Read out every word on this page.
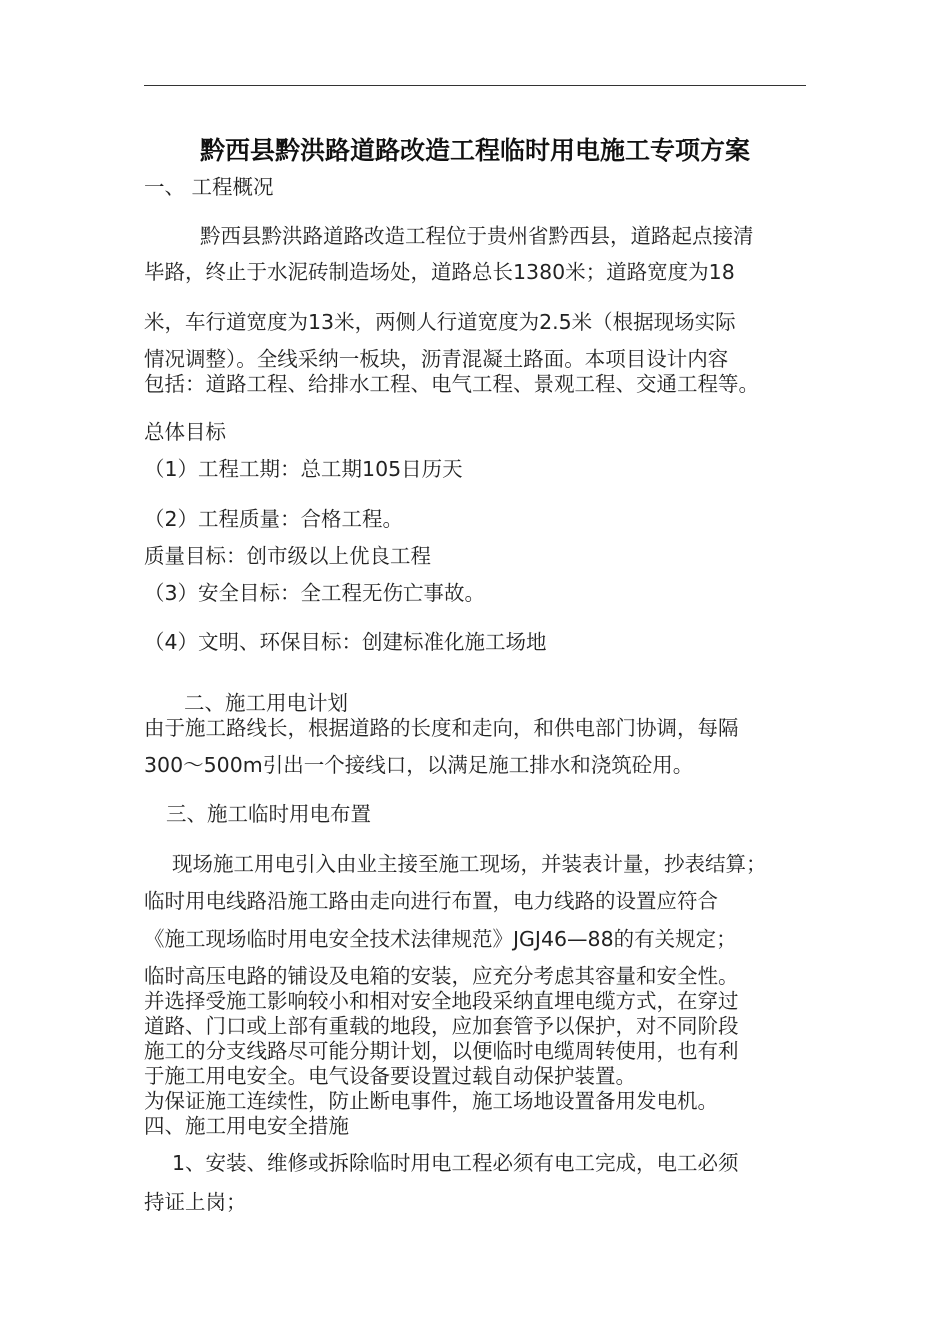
黔西县黔洪路道路改造工程临时用电施工专项方案
一、 工程概况
黔西县黔洪路道路改造工程位于贵州省黔西县，道路起点接清
毕路，终止于水泥砖制造场处，道路总长1380米；道路宽度为18
米，车行道宽度为13米，两侧人行道宽度为2.5米（根据现场实际
情况调整）。全线采纳一板块，沥青混凝土路面。本项目设计内容
包括：道路工程、给排水工程、电气工程、景观工程、交通工程等。
总体目标
（1）工程工期：总工期105日历天
（2）工程质量：合格工程。
质量目标：创市级以上优良工程
（3）安全目标：全工程无伤亡事故。
（4）文明、环保目标：创建标准化施工场地
二、施工用电计划
由于施工路线长，根据道路的长度和走向，和供电部门协调，每隔
300～500m引出一个接线口，以满足施工排水和浇筑砼用。
三、施工临时用电布置
现场施工用电引入由业主接至施工现场，并装表计量，抄表结算；
临时用电线路沿施工路由走向进行布置，电力线路的设置应符合
《施工现场临时用电安全技术法律规范》JGJ46—88的有关规定；
临时高压电路的铺设及电箱的安装，应充分考虑其容量和安全性。
并选择受施工影响较小和相对安全地段采纳直埋电缆方式，在穿过
道路、门口或上部有重载的地段，应加套管予以保护，对不同阶段
施工的分支线路尽可能分期计划，以便临时电缆周转使用，也有利
于施工用电安全。电气设备要设置过载自动保护装置。
为保证施工连续性，防止断电事件，施工场地设置备用发电机。
四、施工用电安全措施
1、安装、维修或拆除临时用电工程必须有电工完成，电工必须
持证上岗；
